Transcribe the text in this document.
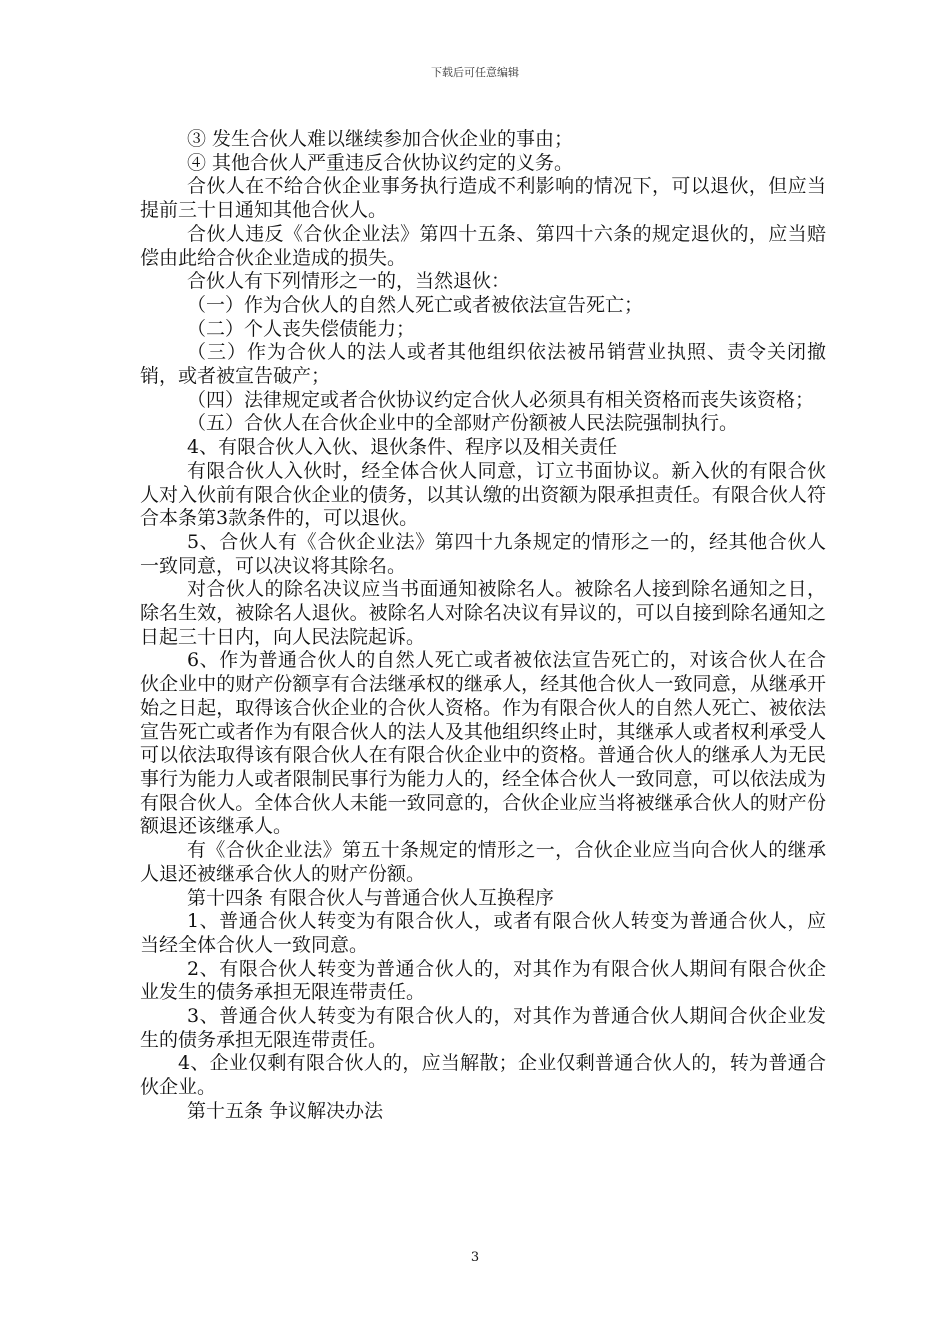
下载后可任意编辑

③ 发生合伙人难以继续参加合伙企业的事由；

④ 其他合伙人严重违反合伙协议约定的义务。

合伙人在不给合伙企业事务执行造成不利影响的情况下，可以退伙，但应当提前三十日通知其他合伙人。

合伙人违反《合伙企业法》第四十五条、第四十六条的规定退伙的，应当赔偿由此给合伙企业造成的损失。

合伙人有下列情形之一的，当然退伙：

（一）作为合伙人的自然人死亡或者被依法宣告死亡；

（二）个人丧失偿债能力；

（三）作为合伙人的法人或者其他组织依法被吊销营业执照、责令关闭撤销，或者被宣告破产；

（四）法律规定或者合伙协议约定合伙人必须具有相关资格而丧失该资格；

（五）合伙人在合伙企业中的全部财产份额被人民法院强制执行。

4、有限合伙人入伙、退伙条件、程序以及相关责任

有限合伙人入伙时，经全体合伙人同意，订立书面协议。新入伙的有限合伙人对入伙前有限合伙企业的债务，以其认缴的出资额为限承担责任。有限合伙人符合本条第3款条件的，可以退伙。

5、合伙人有《合伙企业法》第四十九条规定的情形之一的，经其他合伙人一致同意，可以决议将其除名。

对合伙人的除名决议应当书面通知被除名人。被除名人接到除名通知之日，除名生效，被除名人退伙。被除名人对除名决议有异议的，可以自接到除名通知之日起三十日内，向人民法院起诉。

6、作为普通合伙人的自然人死亡或者被依法宣告死亡的，对该合伙人在合伙企业中的财产份额享有合法继承权的继承人，经其他合伙人一致同意，从继承开始之日起，取得该合伙企业的合伙人资格。作为有限合伙人的自然人死亡、被依法宣告死亡或者作为有限合伙人的法人及其他组织终止时，其继承人或者权利承受人可以依法取得该有限合伙人在有限合伙企业中的资格。普通合伙人的继承人为无民事行为能力人或者限制民事行为能力人的，经全体合伙人一致同意，可以依法成为有限合伙人。全体合伙人未能一致同意的，合伙企业应当将被继承合伙人的财产份额退还该继承人。

有《合伙企业法》第五十条规定的情形之一，合伙企业应当向合伙人的继承人退还被继承合伙人的财产份额。

第十四条 有限合伙人与普通合伙人互换程序

1、普通合伙人转变为有限合伙人，或者有限合伙人转变为普通合伙人，应当经全体合伙人一致同意。

2、有限合伙人转变为普通合伙人的，对其作为有限合伙人期间有限合伙企业发生的债务承担无限连带责任。

3、普通合伙人转变为有限合伙人的，对其作为普通合伙人期间合伙企业发生的债务承担无限连带责任。

4、企业仅剩有限合伙人的，应当解散；企业仅剩普通合伙人的，转为普通合伙企业。

第十五条 争议解决办法

3
